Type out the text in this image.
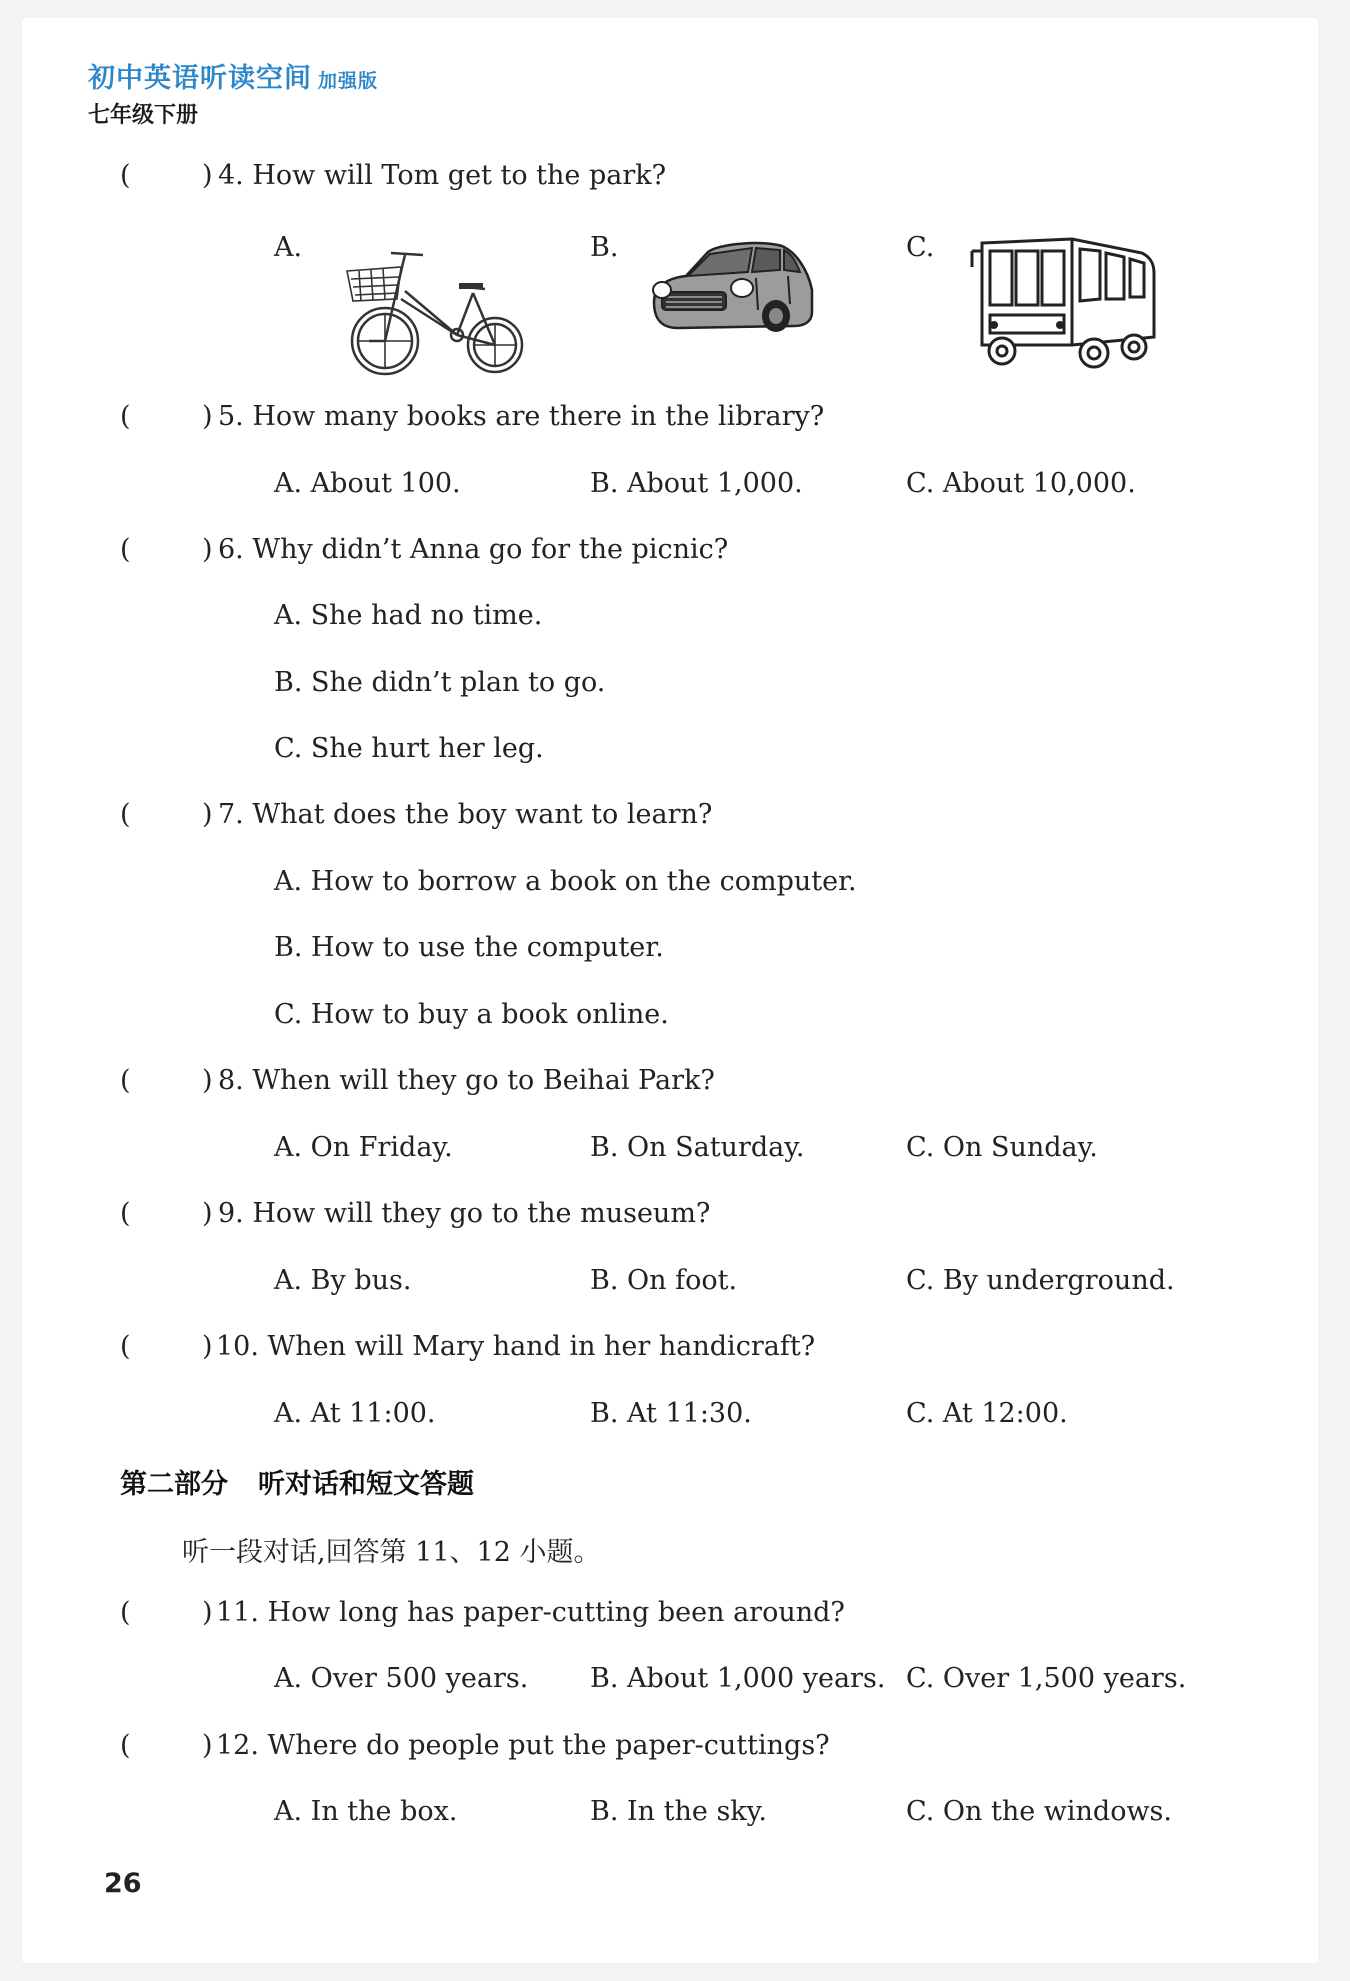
初中英语听读空间 加强版
七年级下册
(	) 4. How will Tom get to the park?
A.	B.	C.
(	) 5. How many books are there in the library?
A. About 100.	B. About 1,000.	C. About 10,000.
(	) 6. Why didn’t Anna go for the picnic?
A. She had no time.
B. She didn’t plan to go.
C. She hurt her leg.
(	) 7. What does the boy want to learn?
A. How to borrow a book on the computer.
B. How to use the computer.
C. How to buy a book online.
(	) 8. When will they go to Beihai Park?
A. On Friday.	B. On Saturday.	C. On Sunday.
(	) 9. How will they go to the museum?
A. By bus.	B. On foot.	C. By underground.
(	) 10. When will Mary hand in her handicraft?
A. At 11:00.	B. At 11:30.	C. At 12:00.
第二部分 听对话和短文答题
听一段对话,回答第 11、12 小题。
(	) 11. How long has paper-cutting been around?
A. Over 500 years. B. About 1,000 years. C. Over 1,500 years.
(	) 12. Where do people put the paper-cuttings?
A. In the box.	B. In the sky.	C. On the windows.
26
